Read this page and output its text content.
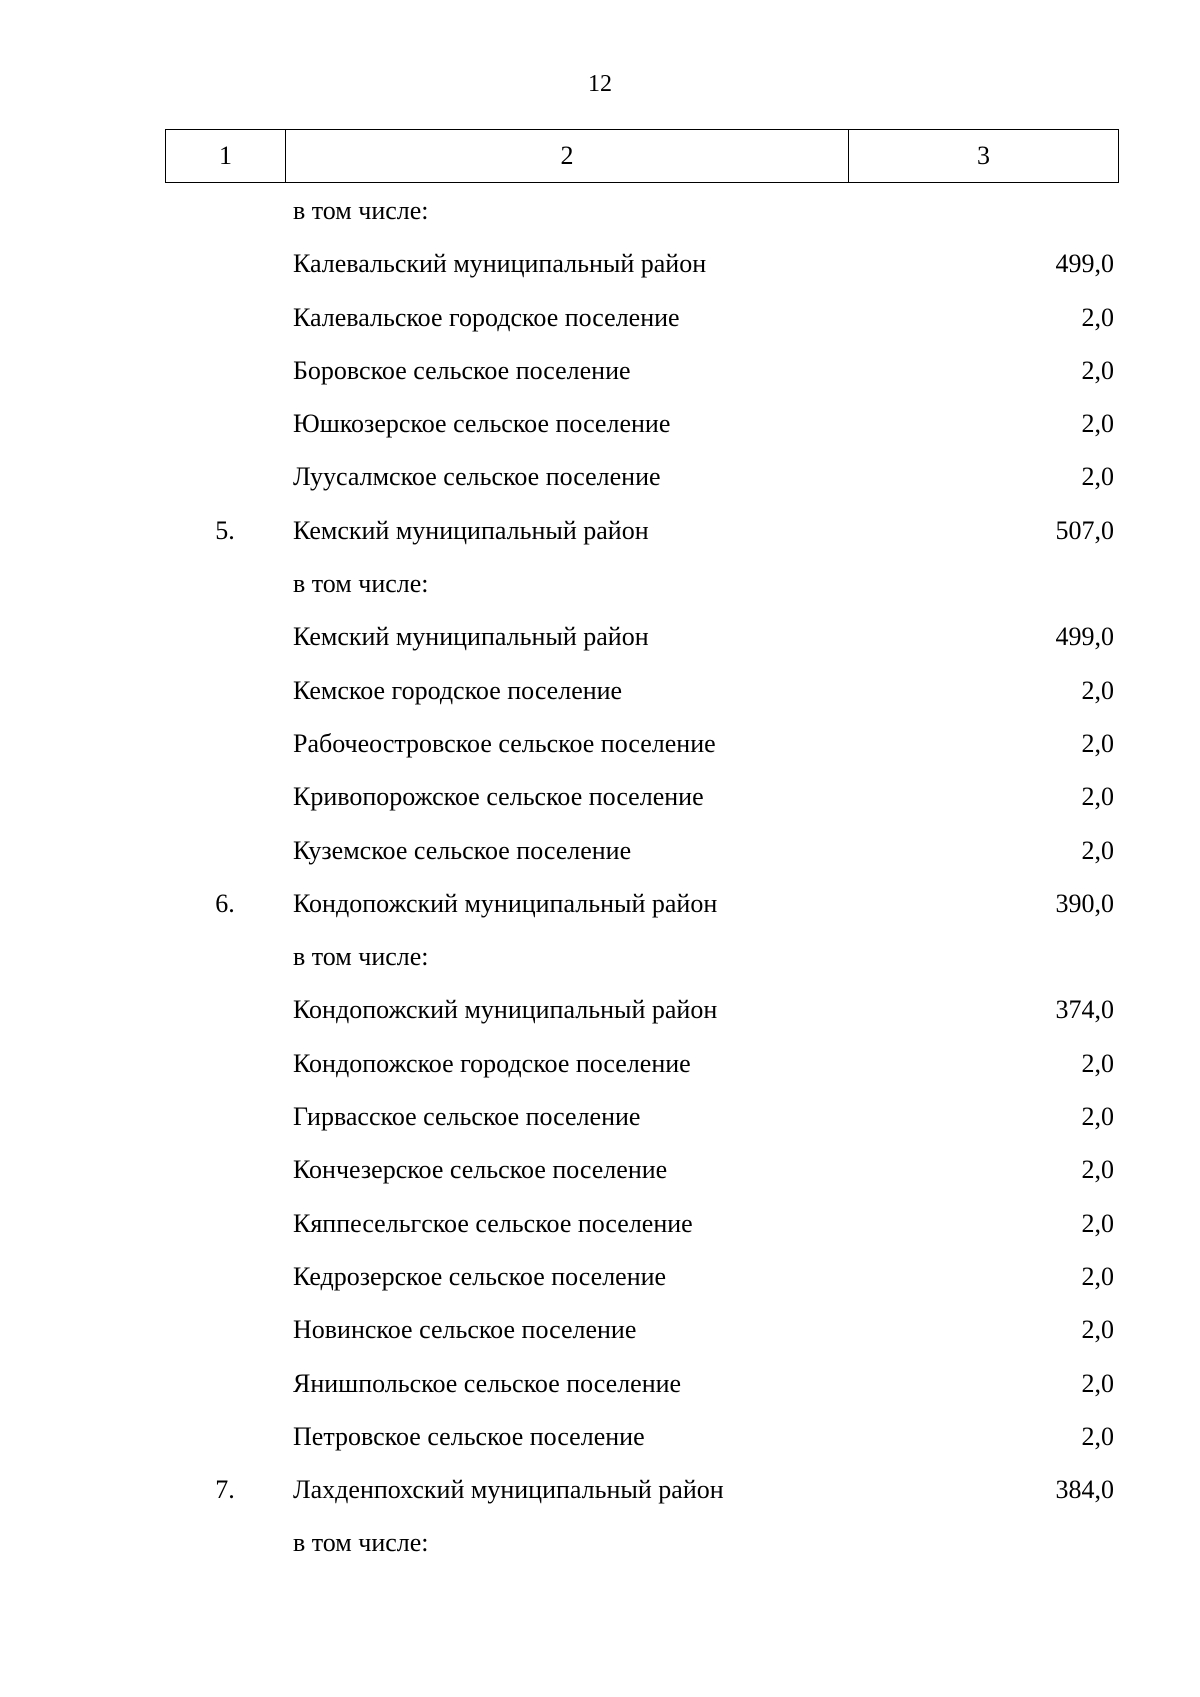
12
1	2	3
в том числе:
Калевальский муниципальный район	499,0
Калевальское городское поселение	2,0
Боровское сельское поселение	2,0
Юшкозерское сельское поселение	2,0
Луусалмское сельское поселение	2,0
5.	Кемский муниципальный район	507,0
в том числе:
Кемский муниципальный район	499,0
Кемское городское поселение	2,0
Рабочеостровское сельское поселение	2,0
Кривопорожское сельское поселение	2,0
Куземское сельское поселение	2,0
6.	Кондопожский муниципальный район	390,0
в том числе:
Кондопожский муниципальный район	374,0
Кондопожское городское поселение	2,0
Гирвасское сельское поселение	2,0
Кончезерское сельское поселение	2,0
Кяппесельгское сельское поселение	2,0
Кедрозерское сельское поселение	2,0
Новинское сельское поселение	2,0
Янишпольское сельское поселение	2,0
Петровское сельское поселение	2,0
7.	Лахденпохский муниципальный район	384,0
в том числе:
